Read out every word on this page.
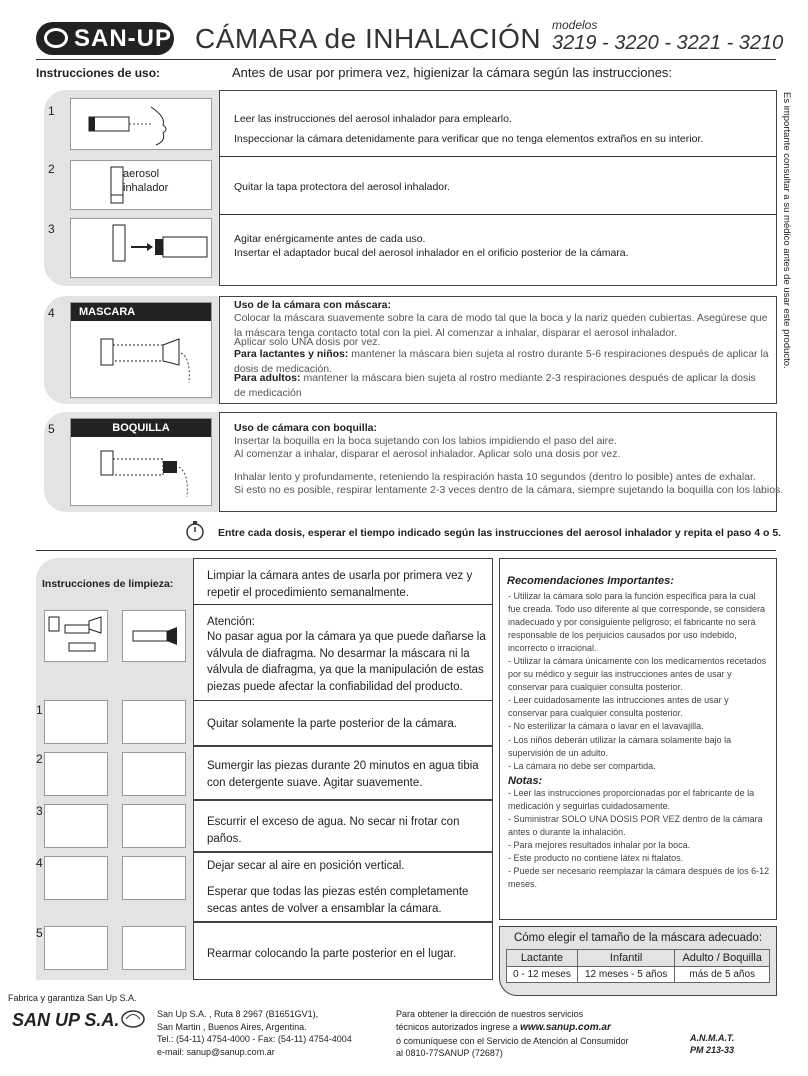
SAN-UP CÁMARA de INHALACIÓN modelos
3219 - 3220 - 3221 - 3210
Instrucciones de uso:	Antes de usar por primera vez, higienizar la cámara según las instrucciones:
Es importante consultar a su médico antes de usar este producto.
1
Leer las instrucciones del aerosol inhalador para emplearlo.
Inspeccionar la cámara detenidamente para verificar que no tenga elementos extraños en su interior.
2	aerosol
inhalador	Quitar la tapa protectora del aerosol inhalador.
3
Agitar enérgicamente antes de cada uso.
Insertar el adaptador bucal del aerosol inhalador en el orificio posterior de la cámara.
4	MASCARA
Uso de la cámara con máscara:
Colocar la máscara suavemente sobre la cara de modo tal que la boca y la nariz queden cubiertas. Asegúrese que la máscara tenga contacto total con la piel. Al comenzar a inhalar, disparar el aerosol inhalador.
Aplicar solo UNA dosis por vez.
Para lactantes y niños: mantener la máscara bien sujeta al rostro durante 5-6 respiraciones después de aplicar la dosis de medicación.
Para adultos: mantener la máscara bien sujeta al rostro mediante 2-3 respiraciones después de aplicar la dosis de medicación
5	BOQUILLA	Uso de cámara con boquilla:
Insertar la boquilla en la boca sujetando con los labios impidiendo el paso del aire.
Al comenzar a inhalar, disparar el aerosol inhalador. Aplicar solo una dosis por vez.
Inhalar lento y profundamente, reteniendo la respiración hasta 10 segundos (dentro lo posible) antes de exhalar.
Si esto no es posible, respirar lentamente 2-3 veces dentro de la cámara, siempre sujetando la boquilla con los labios.
Entre cada dosis, esperar el tiempo indicado según las instrucciones del aerosol inhalador y repita el paso 4 o 5.
Instrucciones de limpieza:
Limpiar la cámara antes de usarla por primera vez y repetir el procedimiento semanalmente.
Atención:
No pasar agua por la cámara ya que puede dañarse la válvula de diafragma. No desarmar la máscara ni la válvula de diafragma, ya que la manipulación de estas piezas puede afectar la confiabilidad del producto.
1
Quitar solamente la parte posterior de la cámara.
2	Sumergir las piezas durante 20 minutos en agua tibia con detergente suave. Agitar suavemente.
3
Escurrir el exceso de agua. No secar ni frotar con paños.
4	Dejar secar al aire en posición vertical.
Esperar que todas las piezas estén completamente secas antes de volver a ensamblar la cámara.
5
Rearmar colocando la parte posterior en el lugar.
Recomendaciones Importantes:
- Utilizar la cámara solo para la función específica para la cual fue creada. Todo uso diferente al que corresponde, se considera inadecuado y por consiguiente peligroso; el fabricante no será responsable de los perjuicios causados por uso indebido, incorrecto o irracional.
- Utilizar la cámara únicamente con los medicamentos recetados por su médico y seguir las instrucciones antes de usar y conservar para cualquier consulta posterior.
- Leer cuidadosamente las intrucciones antes de usar y conservar para cualquier consulta posterior.
- No esterilizar la cámara o lavar en el lavavajilla.
- Los niños deberán utilizar la cámara solamente bajo la supervisión de un adulto.
- La cámara no debe ser compartida.
Notas:
- Leer las instrucciones proporcionadas por el fabricante de la medicación y seguirlas cuidadosamente.
- Suministrar SOLO UNA DOSIS POR VEZ dentro de la cámara antes o durante la inhalación.
- Para mejores resultados inhalar por la boca.
- Este producto no contiene látex ni ftalatos.
- Puede ser necesario reemplazar la cámara después de los 6-12 meses.
Cómo elegir el tamaño de la máscara adecuado:
Lactante	Infantil	Adulto / Boquilla
0 - 12 meses	12 meses - 5 años	más de 5 años
Fabrica y garantiza San Up S.A.
SAN UP S.A.	San Up S.A. , Ruta 8 2967 (B1651GV1),
San Martin , Buenos Aires, Argentina.
Tel.: (54-11) 4754-4000 - Fax: (54-11) 4754-4004
e-mail: sanup@sanup.com.ar
Para obtener la dirección de nuestros servicios
técnicos autorizados ingrese a www.sanup.com.ar
ó comuníquese con el Servicio de Atención al Consumidor
al 0810-77SANUP (72687)
A.N.M.A.T.
PM 213-33
